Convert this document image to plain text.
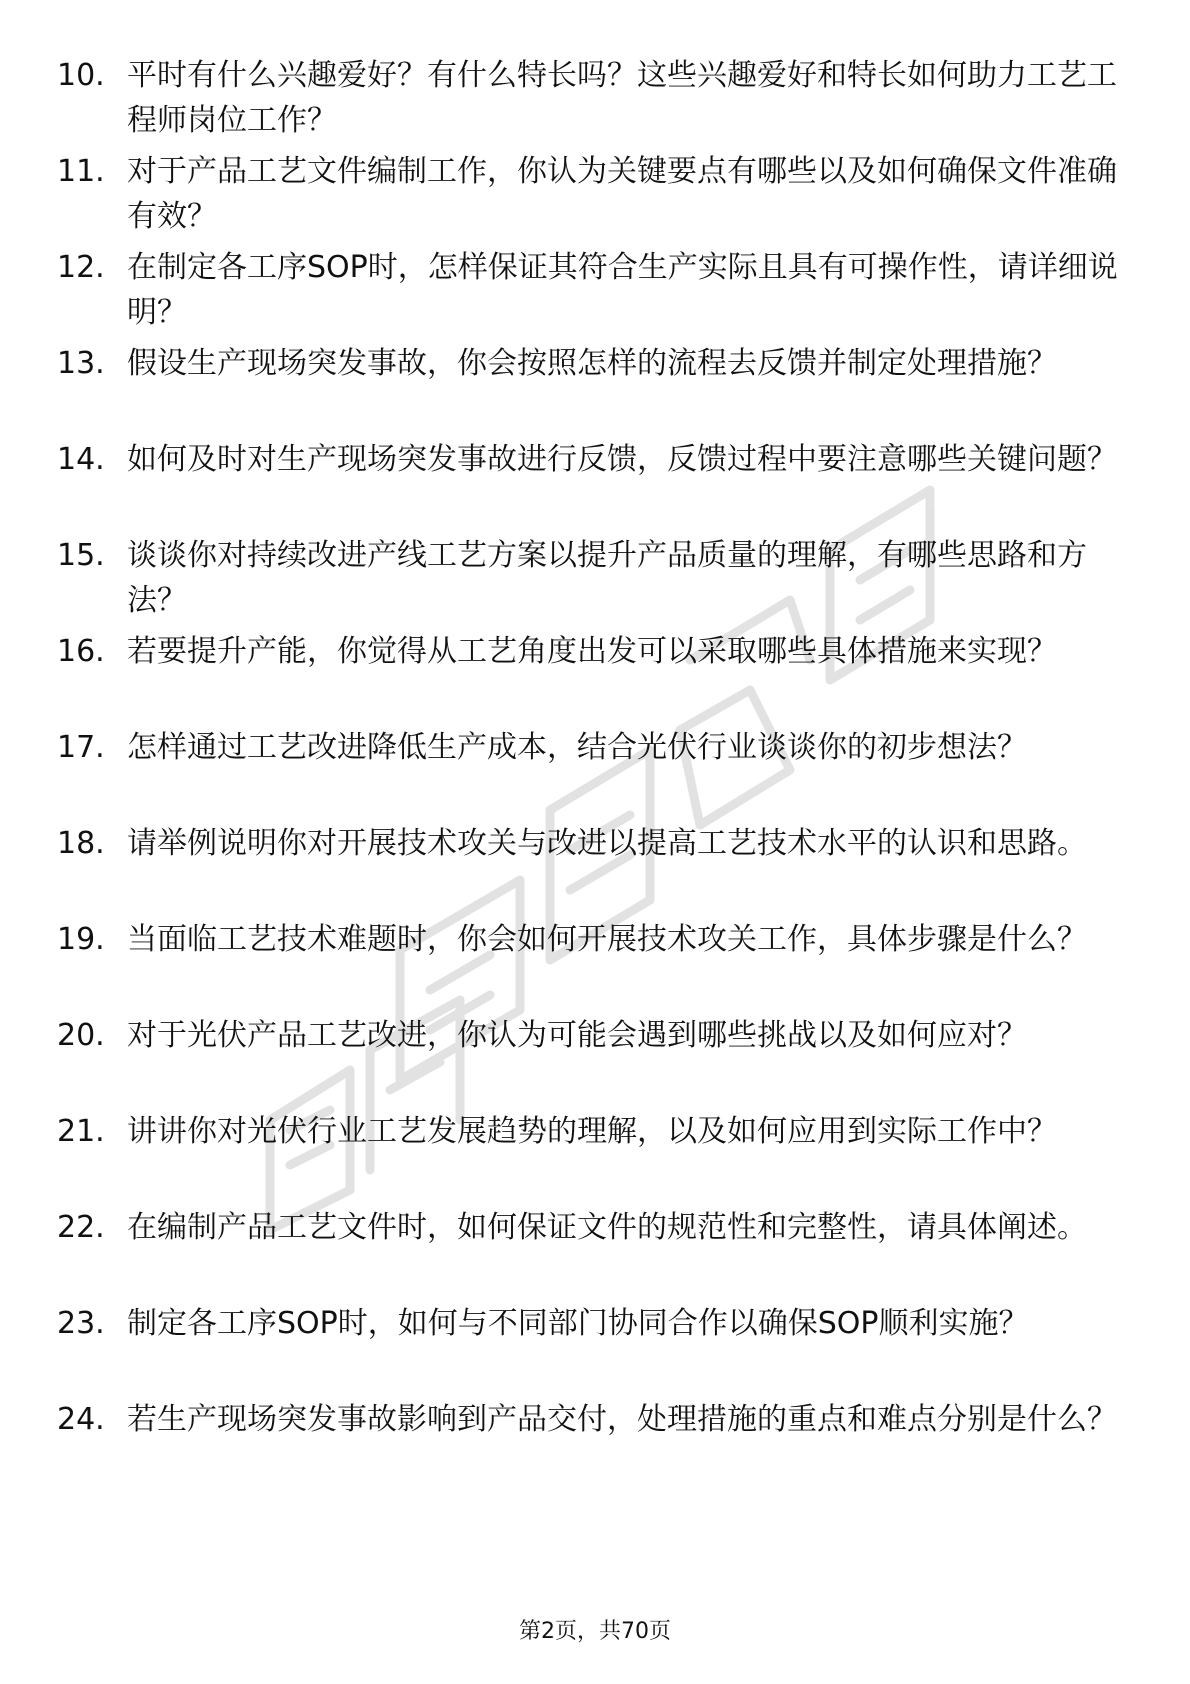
10. 平时有什么兴趣爱好？有什么特长吗？这些兴趣爱好和特长如何助力工艺工程师岗位工作？

11. 对于产品工艺文件编制工作，你认为关键要点有哪些以及如何确保文件准确有效？

12. 在制定各工序SOP时，怎样保证其符合生产实际且具有可操作性，请详细说明？

13. 假设生产现场突发事故，你会按照怎样的流程去反馈并制定处理措施？

14. 如何及时对生产现场突发事故进行反馈，反馈过程中要注意哪些关键问题？

15. 谈谈你对持续改进产线工艺方案以提升产品质量的理解，有哪些思路和方法？

16. 若要提升产能，你觉得从工艺角度出发可以采取哪些具体措施来实现？

17. 怎样通过工艺改进降低生产成本，结合光伏行业谈谈你的初步想法？

18. 请举例说明你对开展技术攻关与改进以提高工艺技术水平的认识和思路。

19. 当面临工艺技术难题时，你会如何开展技术攻关工作，具体步骤是什么？

20. 对于光伏产品工艺改进，你认为可能会遇到哪些挑战以及如何应对？

21. 讲讲你对光伏行业工艺发展趋势的理解，以及如何应用到实际工作中？

22. 在编制产品工艺文件时，如何保证文件的规范性和完整性，请具体阐述。

23. 制定各工序SOP时，如何与不同部门协同合作以确保SOP顺利实施？

24. 若生产现场突发事故影响到产品交付，处理措施的重点和难点分别是什么？

第2页，共70页
